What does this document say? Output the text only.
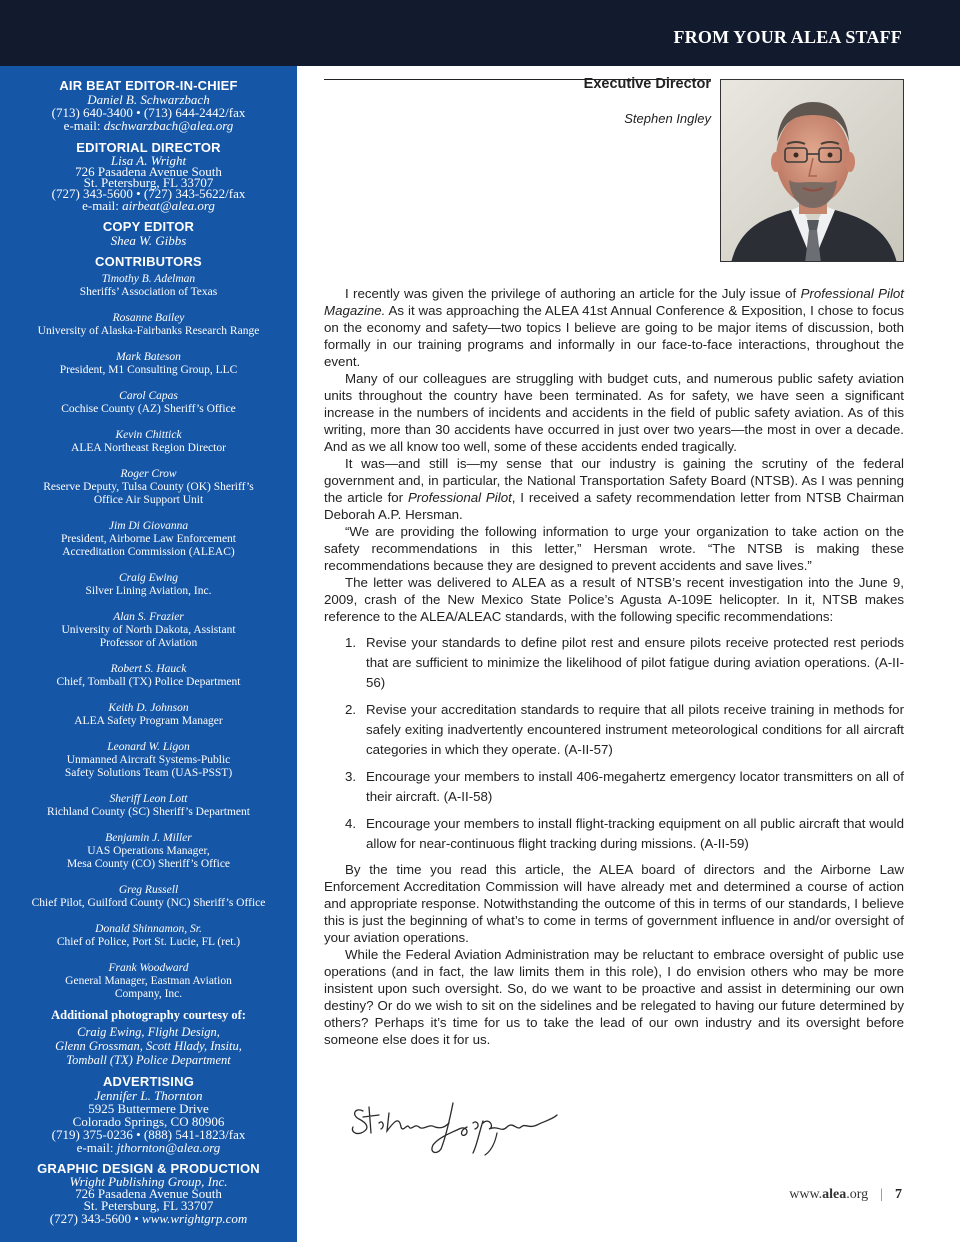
FROM YOUR ALEA STAFF
AIR BEAT EDITOR-IN-CHIEF
Daniel B. Schwarzbach
(713) 640-3400 • (713) 644-2442/fax
e-mail: dschwarzbach@alea.org
EDITORIAL DIRECTOR
Lisa A. Wright
726 Pasadena Avenue South
St. Petersburg, FL 33707
(727) 343-5600 • (727) 343-5622/fax
e-mail: airbeat@alea.org
COPY EDITOR
Shea W. Gibbs
CONTRIBUTORS
Timothy B. Adelman
Sheriffs’ Association of Texas
Rosanne Bailey
University of Alaska-Fairbanks Research Range
Mark Bateson
President, M1 Consulting Group, LLC
Carol Capas
Cochise County (AZ) Sheriff’s Office
Kevin Chittick
ALEA Northeast Region Director
Roger Crow
Reserve Deputy, Tulsa County (OK) Sheriff’s
Office Air Support Unit
Jim Di Giovanna
President, Airborne Law Enforcement
Accreditation Commission (ALEAC)
Craig Ewing
Silver Lining Aviation, Inc.
Alan S. Frazier
University of North Dakota, Assistant
Professor of Aviation
Robert S. Hauck
Chief, Tomball (TX) Police Department
Keith D. Johnson
ALEA Safety Program Manager
Leonard W. Ligon
Unmanned Aircraft Systems-Public
Safety Solutions Team (UAS-PSST)
Sheriff Leon Lott
Richland County (SC) Sheriff’s Department
Benjamin J. Miller
UAS Operations Manager,
Mesa County (CO) Sheriff’s Office
Greg Russell
Chief Pilot, Guilford County (NC) Sheriff’s Office
Donald Shinnamon, Sr.
Chief of Police, Port St. Lucie, FL (ret.)
Frank Woodward
General Manager, Eastman Aviation
Company, Inc.
Additional photography courtesy of:
Craig Ewing, Flight Design,
Glenn Grossman, Scott Hlady, Insitu,
Tomball (TX) Police Department
ADVERTISING
Jennifer L. Thornton
5925 Buttermere Drive
Colorado Springs, CO 80906
(719) 375-0236 • (888) 541-1823/fax
e-mail: jthornton@alea.org
GRAPHIC DESIGN & PRODUCTION
Wright Publishing Group, Inc.
726 Pasadena Avenue South
St. Petersburg, FL 33707
(727) 343-5600 • www.wrightgrp.com
Executive Director
Stephen Ingley

I recently was given the privilege of authoring an article for the July issue of Professional Pilot Magazine. As it was approaching the ALEA 41st Annual Conference & Exposition, I chose to focus on the economy and safety—two topics I believe are going to be major items of discussion, both formally in our training programs and informally in our face-to-face interactions, throughout the event.

Many of our colleagues are struggling with budget cuts, and numerous public safety aviation units throughout the country have been terminated. As for safety, we have seen a significant increase in the numbers of incidents and accidents in the field of public safety aviation. As of this writing, more than 30 accidents have occurred in just over two years—the most in over a decade. And as we all know too well, some of these accidents ended tragically.

It was—and still is—my sense that our industry is gaining the scrutiny of the federal government and, in particular, the National Transportation Safety Board (NTSB). As I was penning the article for Professional Pilot, I received a safety recommendation letter from NTSB Chairman Deborah A.P. Hersman.

“We are providing the following information to urge your organization to take action on the safety recommendations in this letter,” Hersman wrote. “The NTSB is making these recommendations because they are designed to prevent accidents and save lives.”

The letter was delivered to ALEA as a result of NTSB’s recent investigation into the June 9, 2009, crash of the New Mexico State Police’s Agusta A-109E helicopter. In it, NTSB makes reference to the ALEA/ALEAC standards, with the following specific recommendations:

1. Revise your standards to define pilot rest and ensure pilots receive protected rest periods that are sufficient to minimize the likelihood of pilot fatigue during aviation operations. (A-II-56)
2. Revise your accreditation standards to require that all pilots receive training in methods for safely exiting inadvertently encountered instrument meteorological conditions for all aircraft categories in which they operate. (A-II-57)
3. Encourage your members to install 406-megahertz emergency locator transmitters on all of their aircraft. (A-II-58)
4. Encourage your members to install flight-tracking equipment on all public aircraft that would allow for near-continuous flight tracking during missions. (A-II-59)

By the time you read this article, the ALEA board of directors and the Airborne Law Enforcement Accreditation Commission will have already met and determined a course of action and appropriate response. Notwithstanding the outcome of this in terms of our standards, I believe this is just the beginning of what’s to come in terms of government influence in and/or oversight of your aviation operations.

While the Federal Aviation Administration may be reluctant to embrace oversight of public use operations (and in fact, the law limits them in this role), I do envision others who may be more insistent upon such oversight. So, do we want to be proactive and assist in determining our own destiny? Or do we wish to sit on the sidelines and be relegated to having our future determined by others? Perhaps it’s time for us to take the lead of our own industry and its oversight before someone else does it for us.

www.alea.org | 7
